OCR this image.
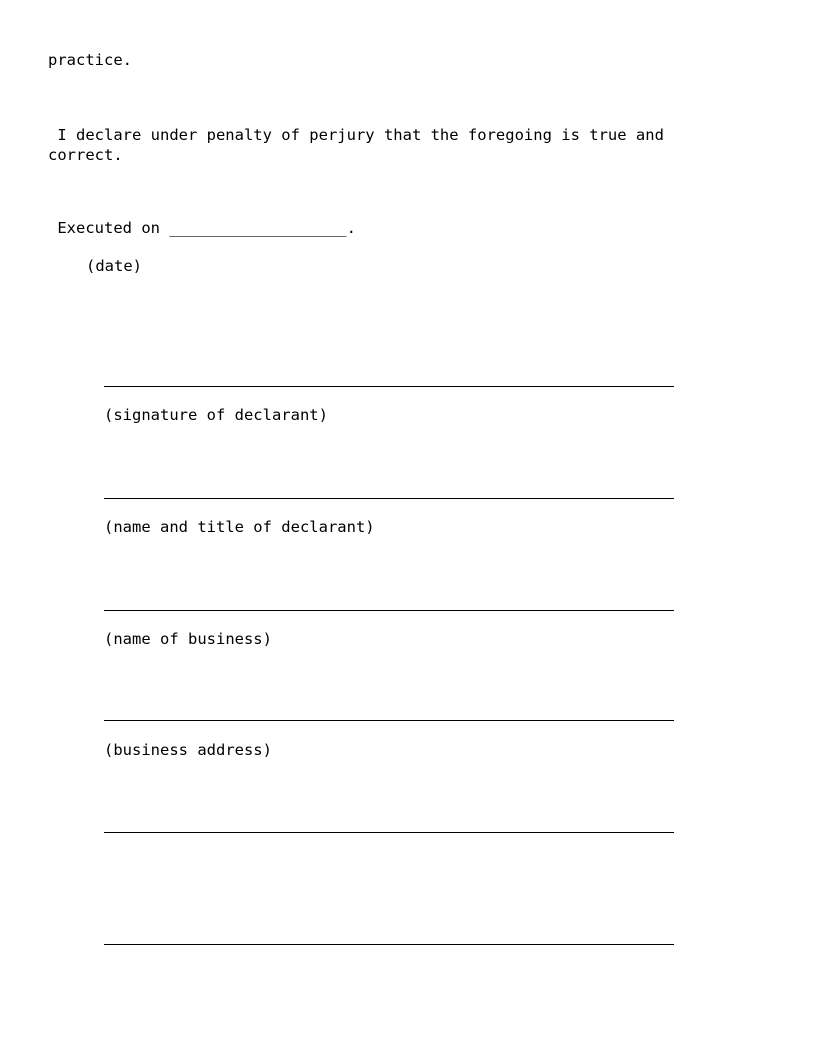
practice.

I declare under penalty of perjury that the foregoing is true and

correct.

Executed on ___________________.

(date)

(signature of declarant)

(name and title of declarant)

(name of business)

(business address)
